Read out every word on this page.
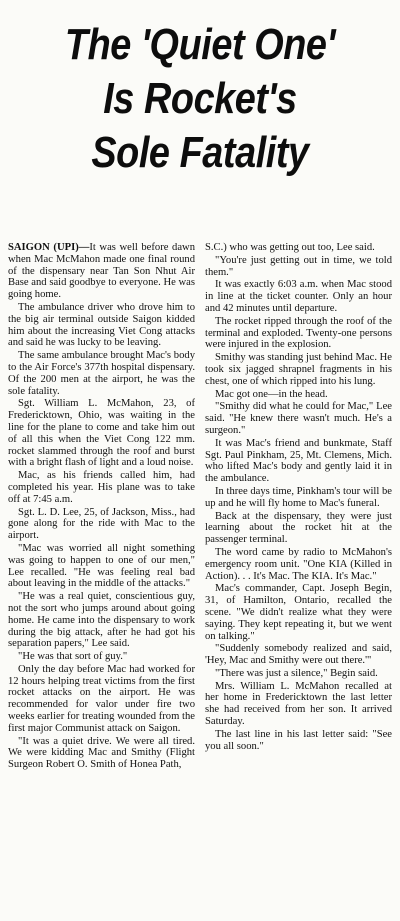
The 'Quiet One'
Is Rocket's
Sole Fatality

SAIGON (UPI)—It was well before dawn when Mac McMahon made one final round of the dispensary near Tan Son Nhut Air Base and said goodbye to everyone. He was going home.

The ambulance driver who drove him to the big air terminal outside Saigon kidded him about the increasing Viet Cong attacks and said he was lucky to be leaving.

The same ambulance brought Mac's body to the Air Force's 377th hospital dispensary. Of the 200 men at the airport, he was the sole fatality.

Sgt. William L. McMahon, 23, of Fredericktown, Ohio, was waiting in the line for the plane to come and take him out of all this when the Viet Cong 122 mm. rocket slammed through the roof and burst with a bright flash of light and a loud noise.

Mac, as his friends called him, had completed his year. His plane was to take off at 7:45 a.m.

Sgt. L. D. Lee, 25, of Jackson, Miss., had gone along for the ride with Mac to the airport.

"Mac was worried all night something was going to happen to one of our men," Lee recalled. "He was feeling real bad about leaving in the middle of the attacks."

"He was a real quiet, conscientious guy, not the sort who jumps around about going home. He came into the dispensary to work during the big attack, after he had got his separation papers," Lee said.

"He was that sort of guy."

Only the day before Mac had worked for 12 hours helping treat victims from the first rocket attacks on the airport. He was recommended for valor under fire two weeks earlier for treating wounded from the first major Communist attack on Saigon.

"It was a quiet drive. We were all tired. We were kidding Mac and Smithy (Flight Surgeon Robert O. Smith of Honea Path,

S.C.) who was getting out too, Lee said.

"You're just getting out in time, we told them."

It was exactly 6:03 a.m. when Mac stood in line at the ticket counter. Only an hour and 42 minutes until departure.

The rocket ripped through the roof of the terminal and exploded. Twenty-one persons were injured in the explosion.

Smithy was standing just behind Mac. He took six jagged shrapnel fragments in his chest, one of which ripped into his lung.

Mac got one—in the head.

"Smithy did what he could for Mac," Lee said. "He knew there wasn't much. He's a surgeon."

It was Mac's friend and bunkmate, Staff Sgt. Paul Pinkham, 25, Mt. Clemens, Mich. who lifted Mac's body and gently laid it in the ambulance.

In three days time, Pinkham's tour will be up and he will fly home to Mac's funeral.

Back at the dispensary, they were just learning about the rocket hit at the passenger terminal.

The word came by radio to McMahon's emergency room unit. "One KIA (Killed in Action). . . It's Mac. The KIA. It's Mac."

Mac's commander, Capt. Joseph Begin, 31, of Hamilton, Ontario, recalled the scene. "We didn't realize what they were saying. They kept repeating it, but we went on talking."

"Suddenly somebody realized and said, 'Hey, Mac and Smithy were out there.'"

"There was just a silence," Begin said.

Mrs. William L. McMahon recalled at her home in Fredericktown the last letter she had received from her son. It arrived Saturday.

The last line in his last letter said: "See you all soon."
